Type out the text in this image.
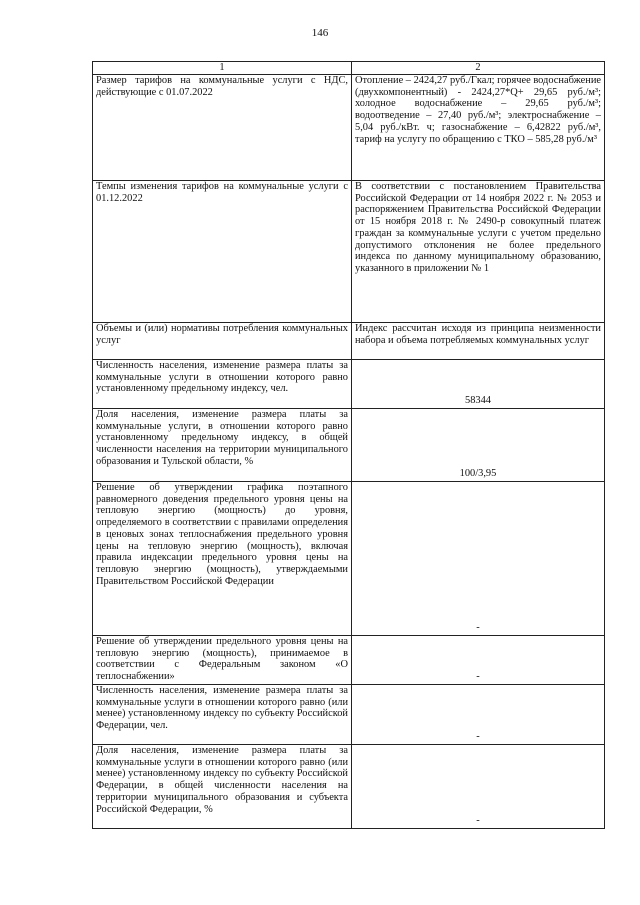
146
1	2
Размер тарифов на коммунальные услуги с НДС, действующие с 01.07.2022	Отопление – 2424,27 руб./Гкал; горячее водоснабжение (двухкомпонентный) - 2424,27*Q+ 29,65 руб./м³; холодное водоснабжение – 29,65 руб./м³; водоотведение – 27,40 руб./м³; электроснабжение – 5,04 руб./кВт. ч; газоснабжение – 6,42822 руб./м³, тариф на услугу по обращению с ТКО – 585,28 руб./м³
Темпы изменения тарифов на коммунальные услуги с 01.12.2022	В соответствии с постановлением Правительства Российской Федерации от 14 ноября 2022 г. № 2053 и распоряжением Правительства Российской Федерации от 15 ноября 2018 г. № 2490-р совокупный платеж граждан за коммунальные услуги с учетом предельно допустимого отклонения не более предельного индекса по данному муниципальному образованию, указанного в приложении № 1
Объемы и (или) нормативы потребления коммунальных услуг	Индекс рассчитан исходя из принципа неизменности набора и объема потребляемых коммунальных услуг
Численность населения, изменение размера платы за коммунальные услуги в отношении которого равно установленному предельному индексу, чел.	58344
Доля населения, изменение размера платы за коммунальные услуги, в отношении которого равно установленному предельному индексу, в общей численности населения на территории муниципального образования и Тульской области, %	100/3,95
Решение об утверждении графика поэтапного равномерного доведения предельного уровня цены на тепловую энергию (мощность) до уровня, определяемого в соответствии с правилами определения в ценовых зонах теплоснабжения предельного уровня цены на тепловую энергию (мощность), включая правила индексации предельного уровня цены на тепловую энергию (мощность), утверждаемыми Правительством Российской Федерации	-
Решение об утверждении предельного уровня цены на тепловую энергию (мощность), принимаемое в соответствии с Федеральным законом «О теплоснабжении»	-
Численность населения, изменение размера платы за коммунальные услуги в отношении которого равно (или менее) установленному индексу по субъекту Российской Федерации, чел.	-
Доля населения, изменение размера платы за коммунальные услуги в отношении которого равно (или менее) установленному индексу по субъекту Российской Федерации, в общей численности населения на территории муниципального образования и субъекта Российской Федерации, %	-
